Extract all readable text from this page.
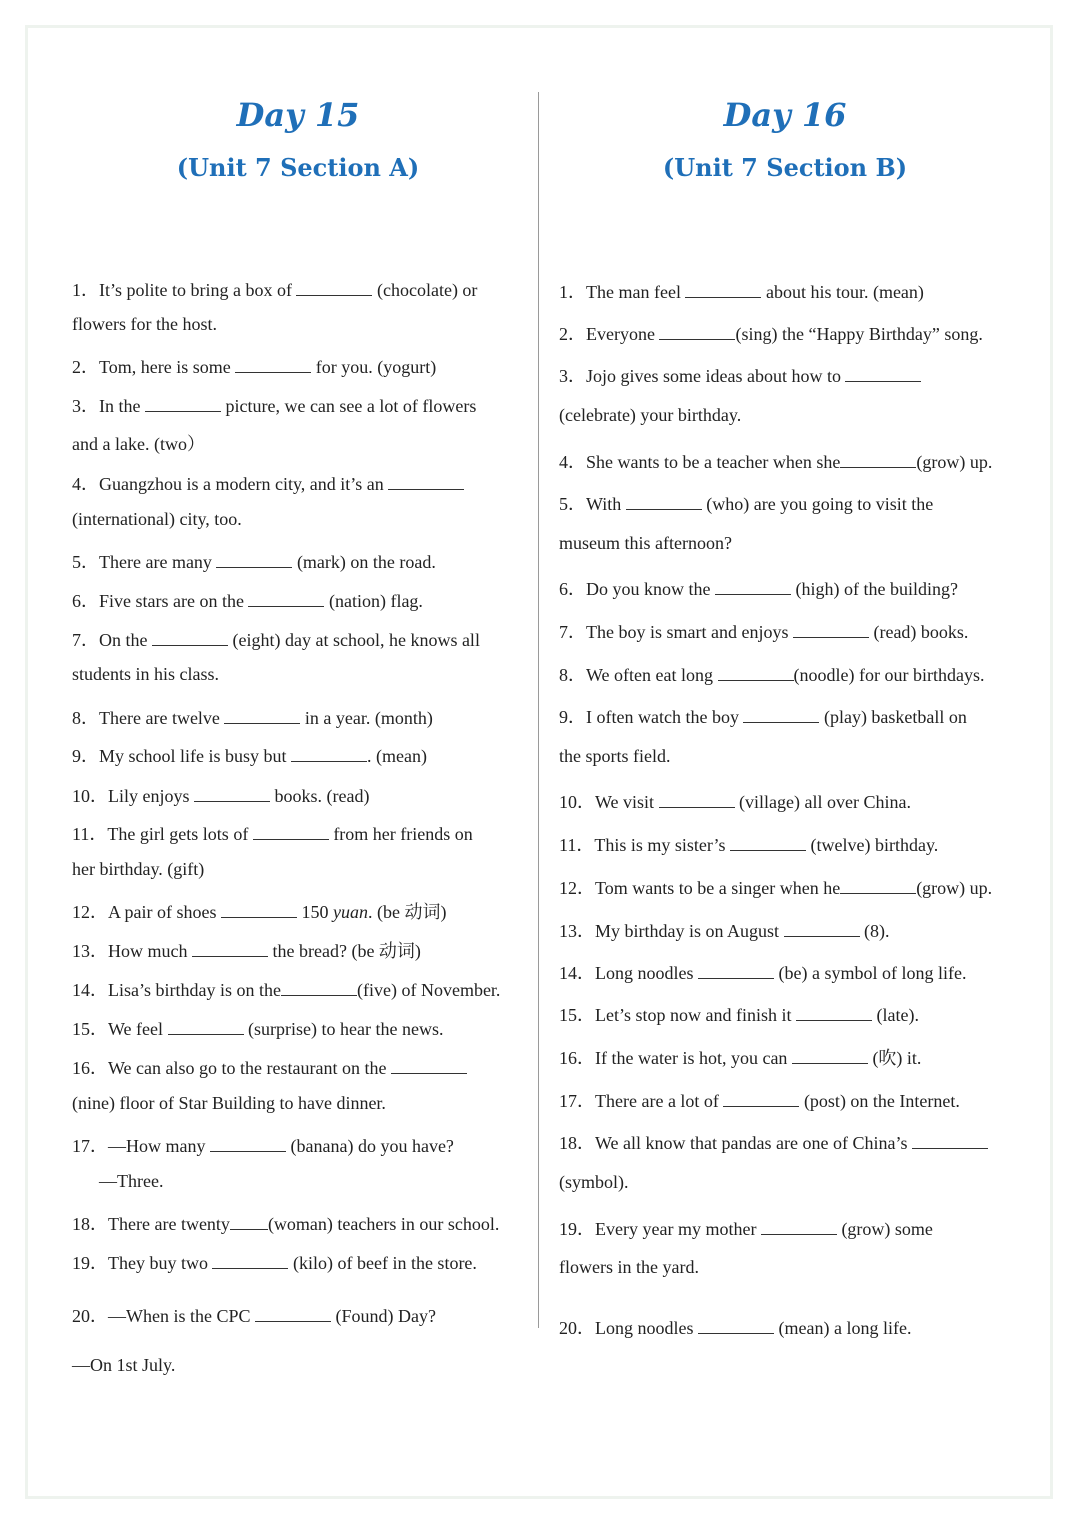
Day 15
(Unit 7 Section A)
1．It’s polite to bring a box of	(chocolate) or
flowers for the host.
2．Tom, here is some	for you. (yogurt)
3．In the	picture, we can see a lot of flowers
and a lake. (two）
4．Guangzhou is a modern city, and it’s an
(international) city, too.
5．There are many	(mark) on the road.
6．Five stars are on the	(nation) flag.
7．On the	(eight) day at school, he knows all
students in his class.
8．There are twelve	in a year. (month)
9．My school life is busy but	. (mean)
10．Lily enjoys	books. (read)
11．The girl gets lots of	from her friends on
her birthday. (gift)
12．A pair of shoes	150 yuan. (be 动词)
13．How much	the bread? (be 动词)
14．Lisa’s birthday is on the	(five) of November.
15．We feel	(surprise) to hear the news.
16．We can also go to the restaurant on the
(nine) floor of Star Building to have dinner.
17．—How many	(banana) do you have?
—Three.
18．There are twenty (woman) teachers in our school.
19．They buy two	(kilo) of beef in the store.
20．—When is the CPC	(Found) Day?
—On 1st July.
Day 16
(Unit 7 Section B)
1．The man feel	about his tour. (mean)
2．Everyone	(sing) the “Happy Birthday” song.
3．Jojo gives some ideas about how to
(celebrate) your birthday.
4．She wants to be a teacher when she	(grow) up.
5．With	(who) are you going to visit the
museum this afternoon?
6．Do you know the	(high) of the building?
7．The boy is smart and enjoys	(read) books.
8．We often eat long	(noodle) for our birthdays.
9．I often watch the boy	(play) basketball on
the sports field.
10．We visit	(village) all over China.
11．This is my sister’s	(twelve) birthday.
12．Tom wants to be a singer when he	(grow) up.
13．My birthday is on August	(8).
14．Long noodles	(be) a symbol of long life.
15．Let’s stop now and finish it	(late).
16．If the water is hot, you can	(吹) it.
17．There are a lot of	(post) on the Internet.
18．We all know that pandas are one of China’s
(symbol).
19．Every year my mother	(grow) some
flowers in the yard.
20．Long noodles	(mean) a long life.
